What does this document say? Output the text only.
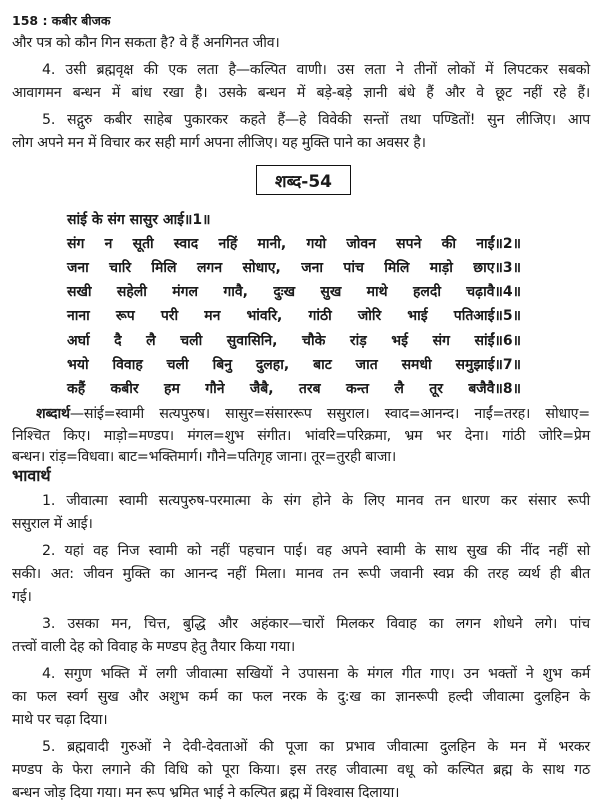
158 : कबीर बीजक
और पत्र को कौन गिन सकता है? वे हैं अनगिनत जीव।
4. उसी ब्रह्मवृक्ष की एक लता है—कल्पित वाणी। उस लता ने तीनों लोकों में लिपटकर सबको
आवागमन बन्धन में बांध रखा है। उसके बन्धन में बड़े-बड़े ज्ञानी बंधे हैं और वे छूट नहीं रहे हैं।
5. सद्गुरु कबीर साहेब पुकारकर कहते हैं—हे विवेकी सन्तों तथा पण्डितों! सुन लीजिए। आप
लोग अपने मन में विचार कर सही मार्ग अपना लीजिए। यह मुक्ति पाने का अवसर है।
शब्द-54
सांई के संग सासुर आई॥1॥
संग न सूती स्वाद नहिं मानी, गयो जोवन सपने की नाईं॥2॥
जना चारि मिलि लगन सोधाए, जना पांच मिलि माड़ो छाए॥3॥
सखी सहेली मंगल गावै, दुःख सुख माथे हलदी चढ़ावै॥4॥
नाना रूप परी मन भांवरि, गांठी जोरि भाई पतिआई॥5॥
अर्घा दै लै चली सुवासिनि, चौके रांड़ भई संग सांईं॥6॥
भयो विवाह चली बिनु दुलहा, बाट जात समधी समुझाई॥7॥
कहैं कबीर हम गौने जैबै, तरब कन्त लै तूर बजैवै॥8॥
शब्दार्थ—सांई=स्वामी सत्यपुरुष। सासुर=संसाररूप ससुराल। स्वाद=आनन्द। नाईं=तरह। सोधाए=
निश्चित किए। माड़ो=मण्डप। मंगल=शुभ संगीत। भांवरि=परिक्रमा, भ्रम भर देना। गांठी जोरि=प्रेम
बन्धन। रांड़=विधवा। बाट=भक्तिमार्ग। गौने=पतिगृह जाना। तूर=तुरही बाजा।
भावार्थ
1. जीवात्मा स्वामी सत्यपुरुष-परमात्मा के संग होने के लिए मानव तन धारण कर संसार रूपी
ससुराल में आई।
2. यहां वह निज स्वामी को नहीं पहचान पाई। वह अपने स्वामी के साथ सुख की नींद नहीं सो
सकी। अत: जीवन मुक्ति का आनन्द नहीं मिला। मानव तन रूपी जवानी स्वप्न की तरह व्यर्थ ही बीत
गई।
3. उसका मन, चित्त, बुद्धि और अहंकार—चारों मिलकर विवाह का लगन शोधने लगे। पांच
तत्त्वों वाली देह को विवाह के मण्डप हेतु तैयार किया गया।
4. सगुण भक्ति में लगी जीवात्मा सखियों ने उपासना के मंगल गीत गाए। उन भक्तों ने शुभ कर्म
का फल स्वर्ग सुख और अशुभ कर्म का फल नरक के दु:ख का ज्ञानरूपी हल्दी जीवात्मा दुलहिन के
माथे पर चढ़ा दिया।
5. ब्रह्मवादी गुरुओं ने देवी-देवताओं की पूजा का प्रभाव जीवात्मा दुलहिन के मन में भरकर
मण्डप के फेरा लगाने की विधि को पूरा किया। इस तरह जीवात्मा वधू को कल्पित ब्रह्म के साथ गठ
बन्धन जोड़ दिया गया। मन रूप भ्रमित भाई ने कल्पित ब्रह्म में विश्वास दिलाया।
